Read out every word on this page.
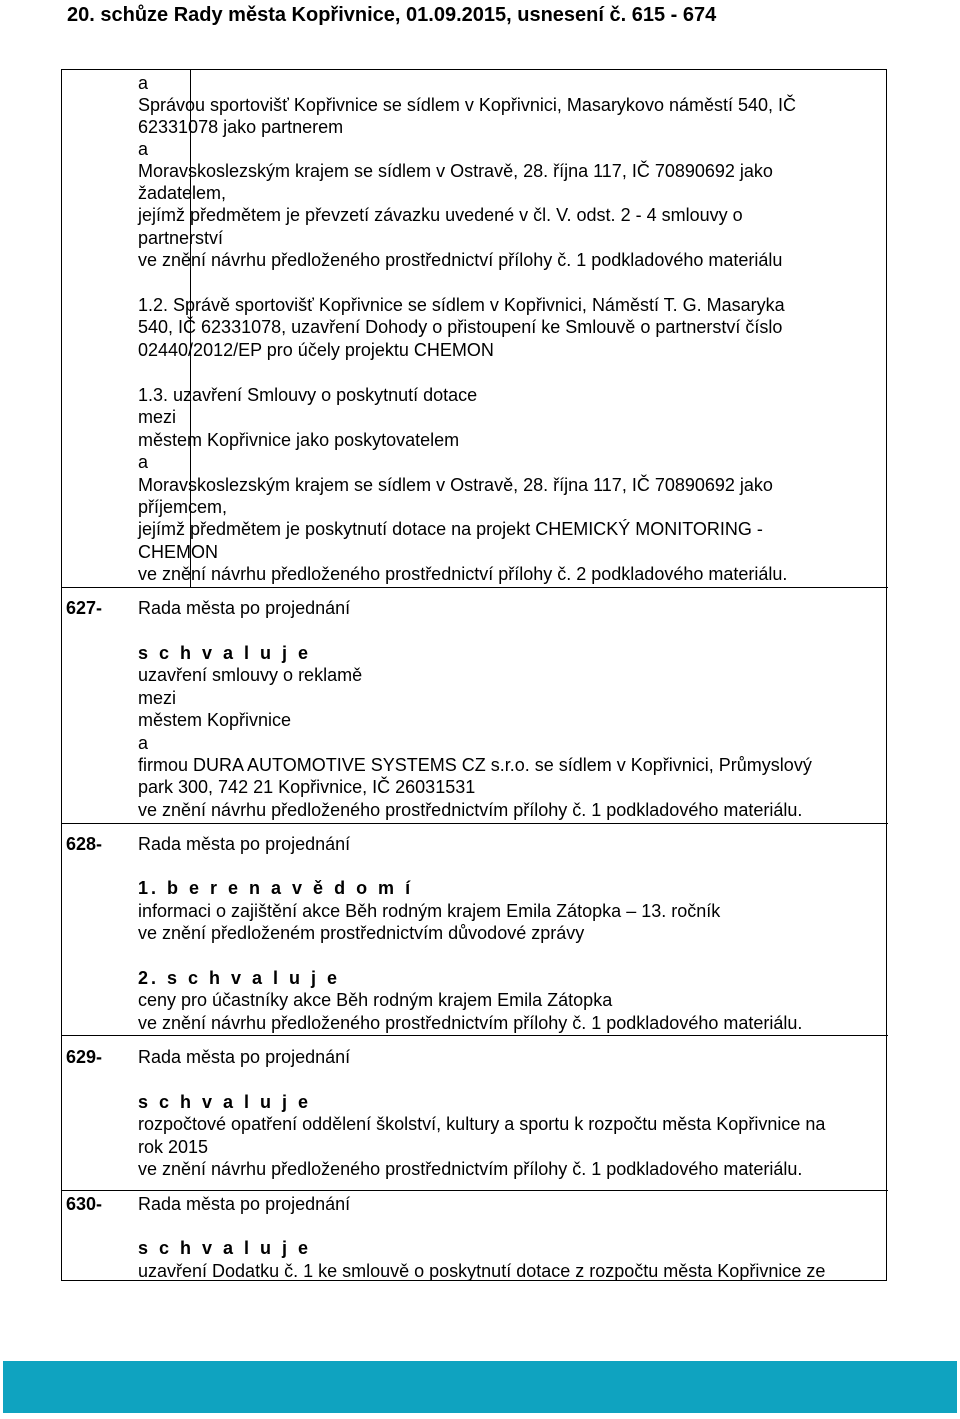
20. schůze Rady města Kopřivnice, 01.09.2015, usnesení č. 615 - 674
a
Správou sportovišť Kopřivnice se sídlem v Kopřivnici, Masarykovo náměstí 540, IČ
62331078 jako partnerem
a
Moravskoslezským krajem se sídlem v Ostravě, 28. října 117, IČ 70890692 jako
žadatelem,
jejímž předmětem je převzetí závazku uvedené v čl. V. odst. 2 - 4 smlouvy o
partnerství
ve znění návrhu předloženého prostřednictví přílohy č. 1 podkladového materiálu
1.2. Správě sportovišť Kopřivnice se sídlem v Kopřivnici, Náměstí T. G. Masaryka
540, IČ 62331078, uzavření Dohody o přistoupení ke Smlouvě o partnerství číslo
02440/2012/EP pro účely projektu CHEMON
1.3. uzavření Smlouvy o poskytnutí dotace
mezi
městem Kopřivnice jako poskytovatelem
a
Moravskoslezským krajem se sídlem v Ostravě, 28. října 117, IČ 70890692 jako
příjemcem,
jejímž předmětem je poskytnutí dotace na projekt CHEMICKÝ MONITORING -
CHEMON
ve znění návrhu předloženého prostřednictví přílohy č. 2 podkladového materiálu.
627- Rada města po projednání
s c h v a l u j e
uzavření smlouvy o reklamě
mezi
městem Kopřivnice
a
firmou DURA AUTOMOTIVE SYSTEMS CZ s.r.o. se sídlem v Kopřivnici, Průmyslový
park 300, 742 21 Kopřivnice, IČ 26031531
ve znění návrhu předloženého prostřednictvím přílohy č. 1 podkladového materiálu.
628- Rada města po projednání
1. b e r e n a v ě d o m í
informaci o zajištění akce Běh rodným krajem Emila Zátopka – 13. ročník
ve znění předloženém prostřednictvím důvodové zprávy
2. s c h v a l u j e
ceny pro účastníky akce Běh rodným krajem Emila Zátopka
ve znění návrhu předloženého prostřednictvím přílohy č. 1 podkladového materiálu.
629- Rada města po projednání
s c h v a l u j e
rozpočtové opatření oddělení školství, kultury a sportu k rozpočtu města Kopřivnice na
rok 2015
ve znění návrhu předloženého prostřednictvím přílohy č. 1 podkladového materiálu.
630- Rada města po projednání
s c h v a l u j e
uzavření Dodatku č. 1 ke smlouvě o poskytnutí dotace z rozpočtu města Kopřivnice ze
